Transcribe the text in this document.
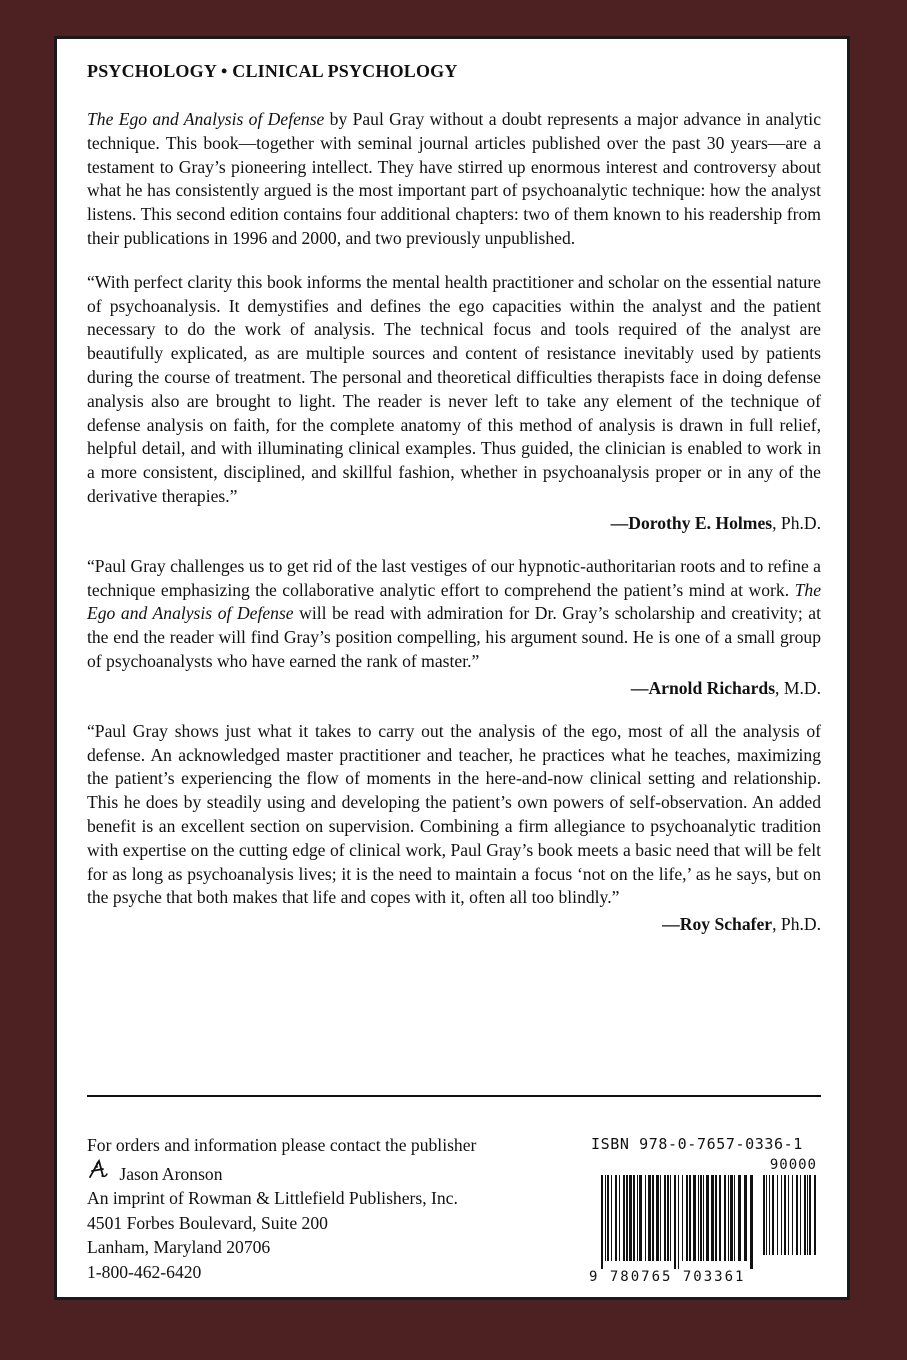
PSYCHOLOGY • CLINICAL PSYCHOLOGY

The Ego and Analysis of Defense by Paul Gray without a doubt represents a major advance in analytic technique. This book—together with seminal journal articles published over the past 30 years—are a testament to Gray’s pioneering intellect. They have stirred up enormous interest and controversy about what he has consistently argued is the most important part of psychoanalytic technique: how the analyst listens. This second edition contains four additional chapters: two of them known to his readership from their publications in 1996 and 2000, and two previously unpublished.

“With perfect clarity this book informs the mental health practitioner and scholar on the essential nature of psychoanalysis. It demystifies and defines the ego capacities within the analyst and the patient necessary to do the work of analysis. The technical focus and tools required of the analyst are beautifully explicated, as are multiple sources and content of resistance inevitably used by patients during the course of treatment. The personal and theoretical difficulties therapists face in doing defense analysis also are brought to light. The reader is never left to take any element of the technique of defense analysis on faith, for the complete anatomy of this method of analysis is drawn in full relief, helpful detail, and with illuminating clinical examples. Thus guided, the clinician is enabled to work in a more consistent, disciplined, and skillful fashion, whether in psychoanalysis proper or in any of the derivative therapies.”

—Dorothy E. Holmes, Ph.D.

“Paul Gray challenges us to get rid of the last vestiges of our hypnotic-authoritarian roots and to refine a technique emphasizing the collaborative analytic effort to comprehend the patient’s mind at work. The Ego and Analysis of Defense will be read with admiration for Dr. Gray’s scholarship and creativity; at the end the reader will find Gray’s position compelling, his argument sound. He is one of a small group of psychoanalysts who have earned the rank of master.”

—Arnold Richards, M.D.

“Paul Gray shows just what it takes to carry out the analysis of the ego, most of all the analysis of defense. An acknowledged master practitioner and teacher, he practices what he teaches, maximizing the patient’s experiencing the flow of moments in the here-and-now clinical setting and relationship. This he does by steadily using and developing the patient’s own powers of self-observation. An added benefit is an excellent section on supervision. Combining a firm allegiance to psychoanalytic tradition with expertise on the cutting edge of clinical work, Paul Gray’s book meets a basic need that will be felt for as long as psychoanalysis lives; it is the need to maintain a focus ‘not on the life,’ as he says, but on the psyche that both makes that life and copes with it, often all too blindly.”

—Roy Schafer, Ph.D.
For orders and information please contact the publisher
Jason Aronson
An imprint of Rowman & Littlefield Publishers, Inc.
4501 Forbes Boulevard, Suite 200
Lanham, Maryland 20706
1-800-462-6420
ISBN 978-0-7657-0336-1
90000
9 780765 703361
